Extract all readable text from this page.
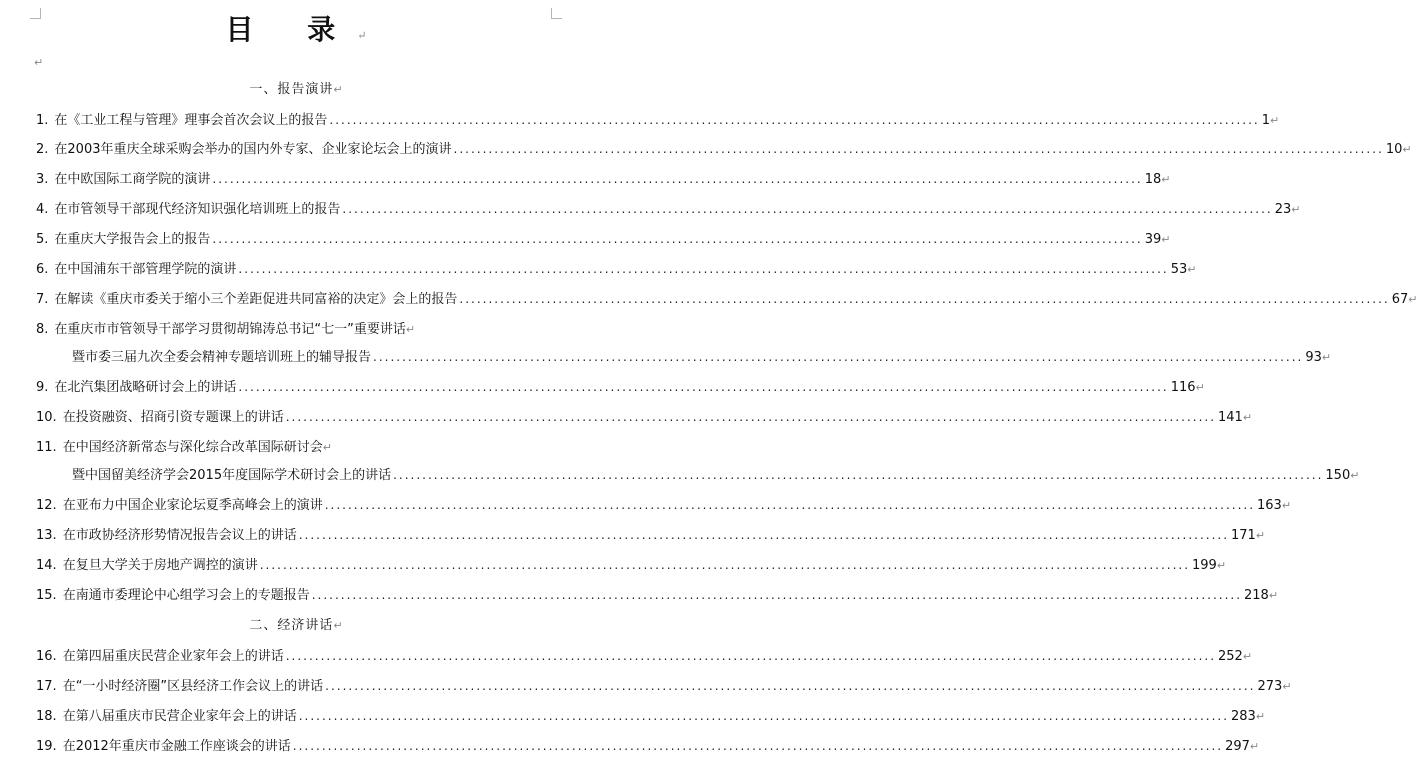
目 录↵
↵
一、报告演讲↵
1. 在《工业工程与管理》理事会首次会议上的报告 .....	1 ↵
2. 在2003年重庆全球采购会举办的国内外专家、企业家论坛会上的演讲 .....	10 ↵
3. 在中欧国际工商学院的演讲 .....	18 ↵
4. 在市管领导干部现代经济知识强化培训班上的报告 .....	23 ↵
5. 在重庆大学报告会上的报告 .....	39 ↵
6. 在中国浦东干部管理学院的演讲 .....	53 ↵
7. 在解读《重庆市委关于缩小三个差距促进共同富裕的决定》会上的报告 .....	67 ↵
8. 在重庆市市管领导干部学习贯彻胡锦涛总书记“七一”重要讲话 ↵
暨市委三届九次全委会精神专题培训班上的辅导报告 .....	93 ↵
9. 在北汽集团战略研讨会上的讲话 .....	116 ↵
10. 在投资融资、招商引资专题课上的讲话 .....	141 ↵
11. 在中国经济新常态与深化综合改革国际研讨会 ↵
暨中国留美经济学会2015年度国际学术研讨会上的讲话 .....	150 ↵
12. 在亚布力中国企业家论坛夏季高峰会上的演讲 .....	163 ↵
13. 在市政协经济形势情况报告会议上的讲话 .....	171 ↵
14. 在复旦大学关于房地产调控的演讲 .....	199 ↵
15. 在南通市委理论中心组学习会上的专题报告 .....	218 ↵
二、经济讲话↵
16. 在第四届重庆民营企业家年会上的讲话 .....	252 ↵
17. 在“一小时经济圈”区县经济工作会议上的讲话 .....	273 ↵
18. 在第八届重庆市民营企业家年会上的讲话 .....	283 ↵
19. 在2012年重庆市金融工作座谈会的讲话 .....	297 ↵
